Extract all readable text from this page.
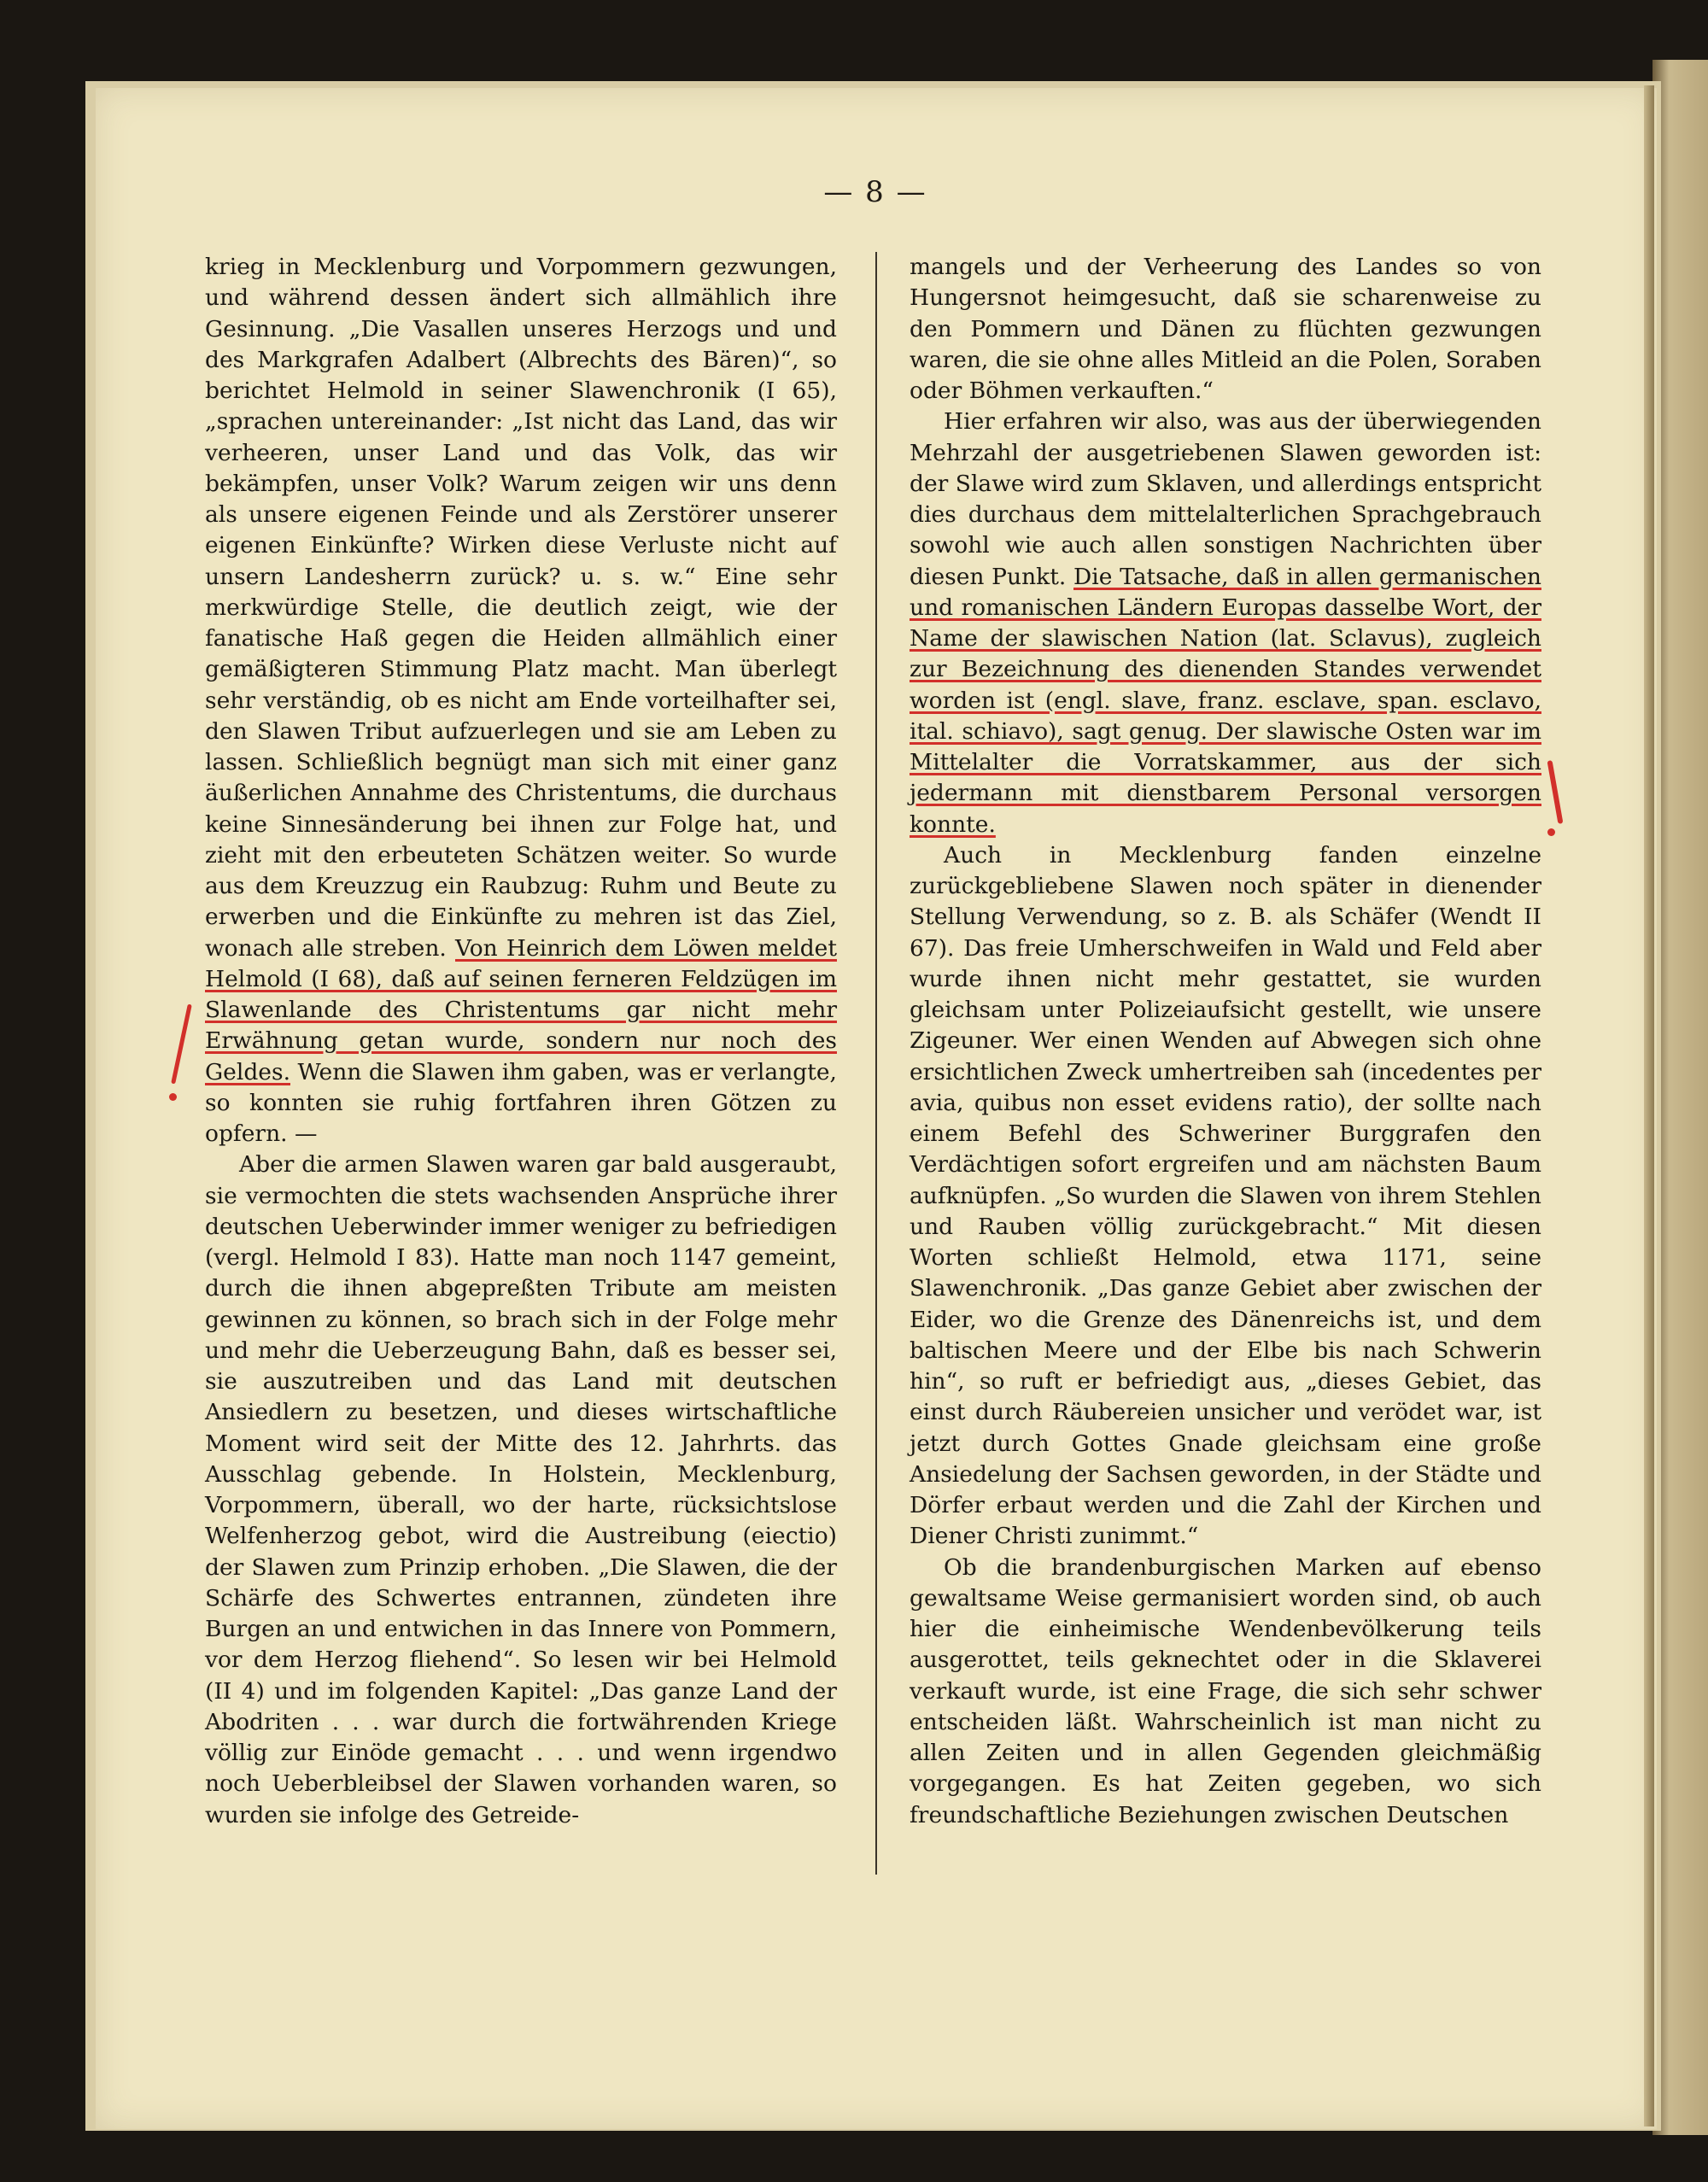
— 8 —

krieg in Mecklenburg und Vorpommern gezwungen, und während dessen ändert sich allmählich ihre Gesinnung. „Die Vasallen unseres Herzogs und und des Markgrafen Adalbert (Albrechts des Bären)“, so berichtet Helmold in seiner Slawenchronik (I 65), „sprachen untereinander: „Ist nicht das Land, das wir verheeren, unser Land und das Volk, das wir bekämpfen, unser Volk? Warum zeigen wir uns denn als unsere eigenen Feinde und als Zerstörer unserer eigenen Einkünfte? Wirken diese Verluste nicht auf unsern Landesherrn zurück? u. s. w.“ Eine sehr merkwürdige Stelle, die deutlich zeigt, wie der fanatische Haß gegen die Heiden allmählich einer gemäßigteren Stimmung Platz macht. Man überlegt sehr verständig, ob es nicht am Ende vorteilhafter sei, den Slawen Tribut aufzuerlegen und sie am Leben zu lassen. Schließlich begnügt man sich mit einer ganz äußerlichen Annahme des Christentums, die durchaus keine Sinnesänderung bei ihnen zur Folge hat, und zieht mit den erbeuteten Schätzen weiter. So wurde aus dem Kreuzzug ein Raubzug: Ruhm und Beute zu erwerben und die Einkünfte zu mehren ist das Ziel, wonach alle streben. Von Heinrich dem Löwen meldet Helmold (I 68), daß auf seinen ferneren Feldzügen im Slawenlande des Christentums gar nicht mehr Erwähnung getan wurde, sondern nur noch des Geldes. Wenn die Slawen ihm gaben, was er verlangte, so konnten sie ruhig fortfahren ihren Götzen zu opfern. —

Aber die armen Slawen waren gar bald ausgeraubt, sie vermochten die stets wachsenden Ansprüche ihrer deutschen Ueberwinder immer weniger zu befriedigen (vergl. Helmold I 83). Hatte man noch 1147 gemeint, durch die ihnen abgepreßten Tribute am meisten gewinnen zu können, so brach sich in der Folge mehr und mehr die Ueberzeugung Bahn, daß es besser sei, sie auszutreiben und das Land mit deutschen Ansiedlern zu besetzen, und dieses wirtschaftliche Moment wird seit der Mitte des 12. Jahrhrts. das Ausschlag gebende. In Holstein, Mecklenburg, Vorpommern, überall, wo der harte, rücksichtslose Welfenherzog gebot, wird die Austreibung (eiectio) der Slawen zum Prinzip erhoben. „Die Slawen, die der Schärfe des Schwertes entrannen, zündeten ihre Burgen an und entwichen in das Innere von Pommern, vor dem Herzog fliehend“. So lesen wir bei Helmold (II 4) und im folgenden Kapitel: „Das ganze Land der Abodriten . . . war durch die fortwährenden Kriege völlig zur Einöde gemacht . . . und wenn irgendwo noch Ueberbleibsel der Slawen vorhanden waren, so wurden sie infolge des Getreide-

mangels und der Verheerung des Landes so von Hungersnot heimgesucht, daß sie scharenweise zu den Pommern und Dänen zu flüchten gezwungen waren, die sie ohne alles Mitleid an die Polen, Soraben oder Böhmen verkauften.“

Hier erfahren wir also, was aus der überwiegenden Mehrzahl der ausgetriebenen Slawen geworden ist: der Slawe wird zum Sklaven, und allerdings entspricht dies durchaus dem mittelalterlichen Sprachgebrauch sowohl wie auch allen sonstigen Nachrichten über diesen Punkt. Die Tatsache, daß in allen germanischen und romanischen Ländern Europas dasselbe Wort, der Name der slawischen Nation (lat. Sclavus), zugleich zur Bezeichnung des dienenden Standes verwendet worden ist (engl. slave, franz. esclave, span. esclavo, ital. schiavo), sagt genug. Der slawische Osten war im Mittelalter die Vorratskammer, aus der sich jedermann mit dienstbarem Personal versorgen konnte.

Auch in Mecklenburg fanden einzelne zurückgebliebene Slawen noch später in dienender Stellung Verwendung, so z. B. als Schäfer (Wendt II 67). Das freie Umherschweifen in Wald und Feld aber wurde ihnen nicht mehr gestattet, sie wurden gleichsam unter Polizeiaufsicht gestellt, wie unsere Zigeuner. Wer einen Wenden auf Abwegen sich ohne ersichtlichen Zweck umhertreiben sah (incedentes per avia, quibus non esset evidens ratio), der sollte nach einem Befehl des Schweriner Burggrafen den Verdächtigen sofort ergreifen und am nächsten Baum aufknüpfen. „So wurden die Slawen von ihrem Stehlen und Rauben völlig zurückgebracht.“ Mit diesen Worten schließt Helmold, etwa 1171, seine Slawenchronik. „Das ganze Gebiet aber zwischen der Eider, wo die Grenze des Dänenreichs ist, und dem baltischen Meere und der Elbe bis nach Schwerin hin“, so ruft er befriedigt aus, „dieses Gebiet, das einst durch Räubereien unsicher und verödet war, ist jetzt durch Gottes Gnade gleichsam eine große Ansiedelung der Sachsen geworden, in der Städte und Dörfer erbaut werden und die Zahl der Kirchen und Diener Christi zunimmt.“

Ob die brandenburgischen Marken auf ebenso gewaltsame Weise germanisiert worden sind, ob auch hier die einheimische Wendenbevölkerung teils ausgerottet, teils geknechtet oder in die Sklaverei verkauft wurde, ist eine Frage, die sich sehr schwer entscheiden läßt. Wahrscheinlich ist man nicht zu allen Zeiten und in allen Gegenden gleichmäßig vorgegangen. Es hat Zeiten gegeben, wo sich freundschaftliche Beziehungen zwischen Deutschen
